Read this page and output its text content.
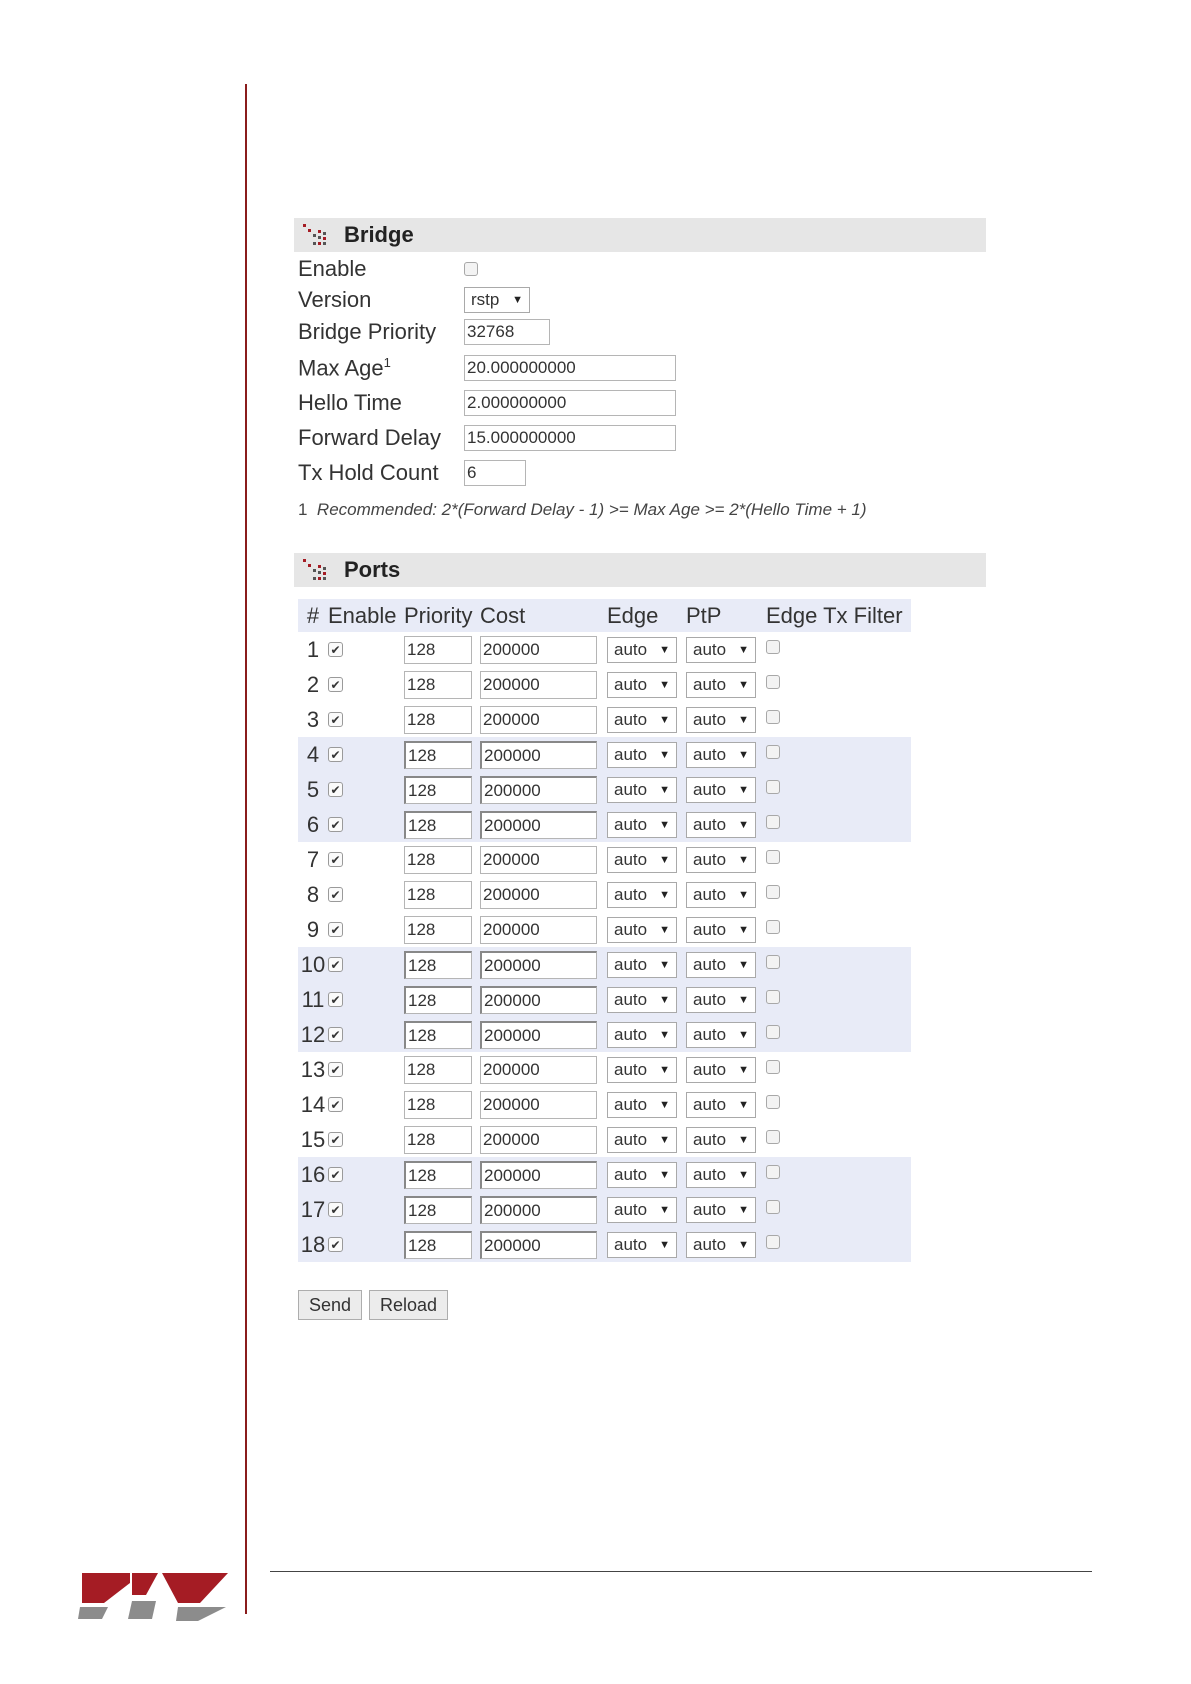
Bridge
Enable
Version	rstp ▼
Bridge Priority	32768
Max Age$^1$	20.000000000
Hello Time	2.000000000
Forward Delay	15.000000000
Tx Hold Count	6
1 Recommended: 2*(Forward Delay - 1) >= Max Age >= 2*(Hello Time + 1)
Ports
#	Enable	Priority	Cost	Edge	PtP	Edge Tx Filter
1	✔	128	200000	auto ▼	auto ▼	

2	✔	128	200000	auto ▼	auto ▼	

3	✔	128	200000	auto ▼	auto ▼	

4	✔	128	200000	auto ▼	auto ▼	

5	✔	128	200000	auto ▼	auto ▼	

6	✔	128	200000	auto ▼	auto ▼	

7	✔	128	200000	auto ▼	auto ▼	

8	✔	128	200000	auto ▼	auto ▼	

9	✔	128	200000	auto ▼	auto ▼	

10	✔	128	200000	auto ▼	auto ▼	

11	✔	128	200000	auto ▼	auto ▼	

12	✔	128	200000	auto ▼	auto ▼	

13	✔	128	200000	auto ▼	auto ▼	

14	✔	128	200000	auto ▼	auto ▼	

15	✔	128	200000	auto ▼	auto ▼	

16	✔	128	200000	auto ▼	auto ▼	

17	✔	128	200000	auto ▼	auto ▼	

18	✔	128	200000	auto ▼	auto ▼	

Send	Reload
